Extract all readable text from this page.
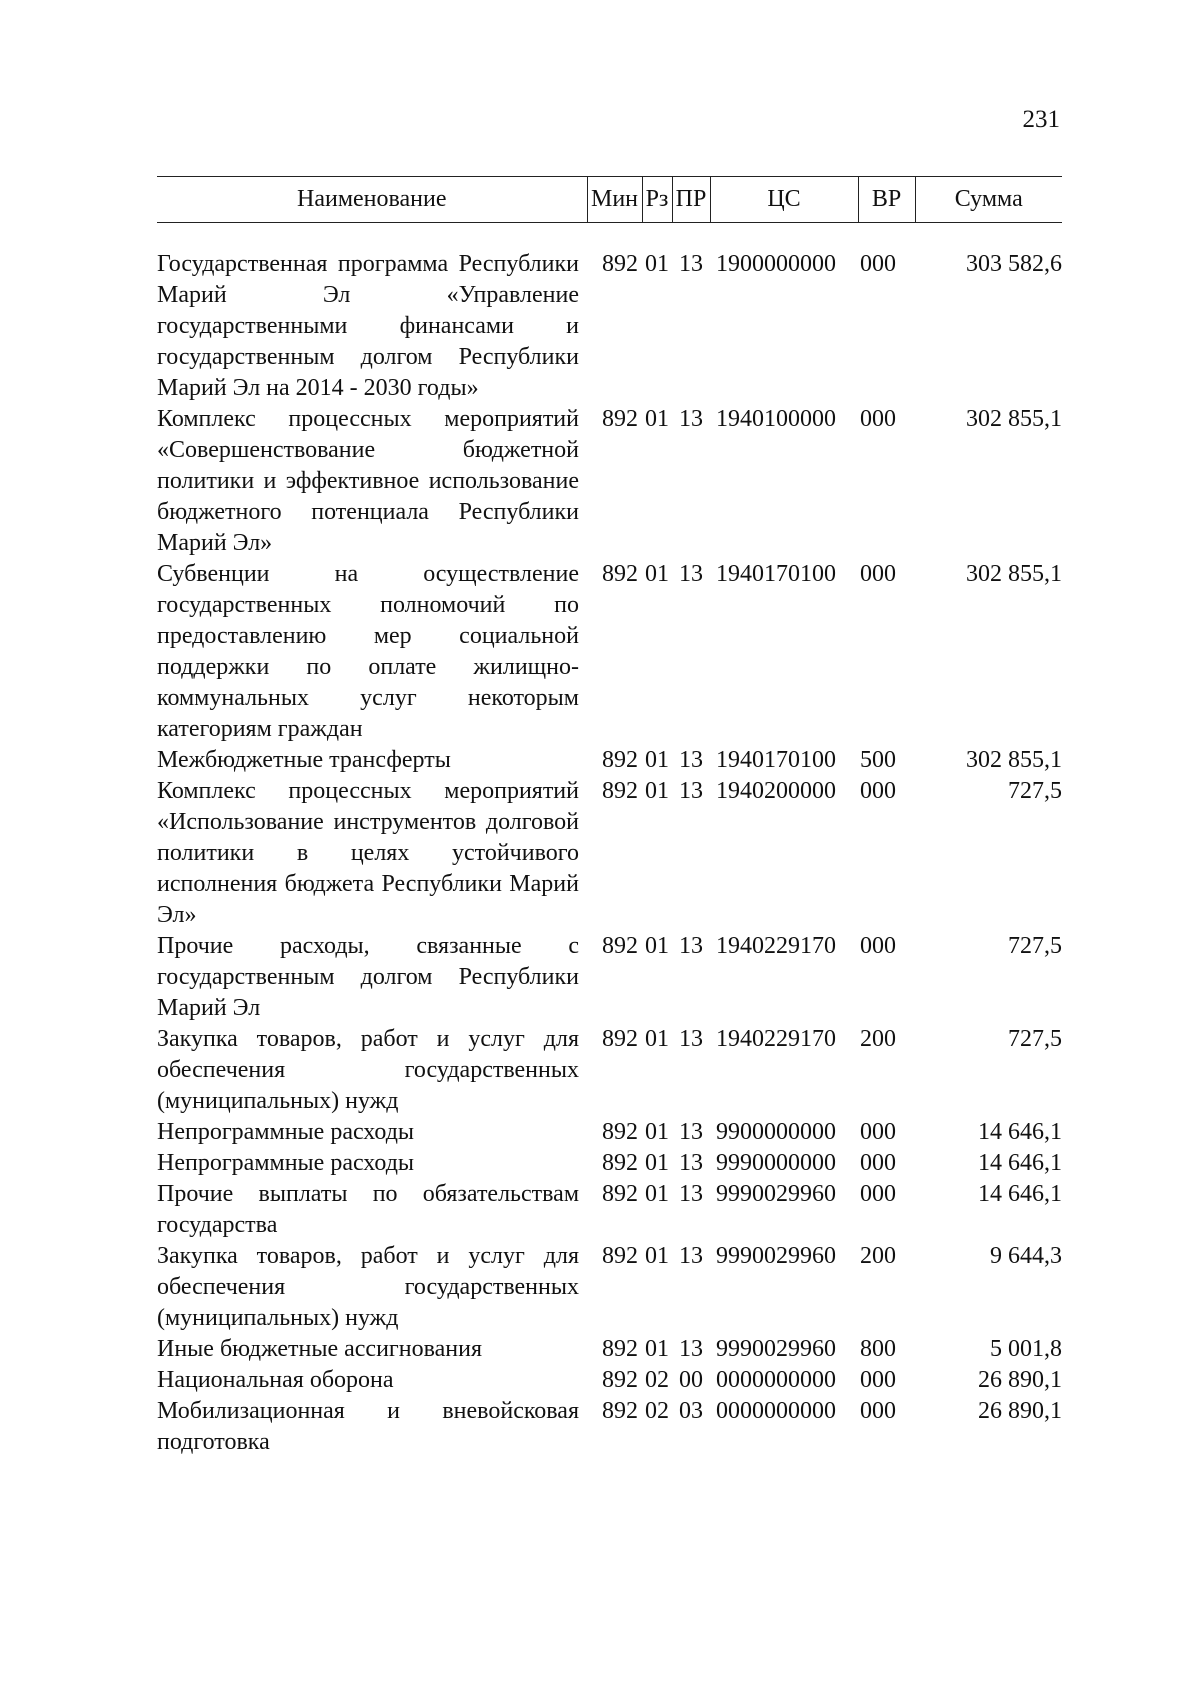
231
Наименование	Мин	Рз	ПР	ЦС	ВР	Сумма

Государственная программа Республики Марий Эл «Управление государственными финансами и государственным долгом Республики Марий Эл на 2014 - 2030 годы»	892	01	13	1900000000	000	303 582,6
Комплекс процессных мероприятий «Совершенствование бюджетной политики и эффективное использование бюджетного потенциала Республики Марий Эл»	892	01	13	1940100000	000	302 855,1
Субвенции на осуществление государственных полномочий по предоставлению мер социальной поддержки по оплате жилищно-коммунальных услуг некоторым категориям граждан	892	01	13	1940170100	000	302 855,1
Межбюджетные трансферты	892	01	13	1940170100	500	302 855,1
Комплекс процессных мероприятий «Использование инструментов долговой политики в целях устойчивого исполнения бюджета Республики Марий Эл»	892	01	13	1940200000	000	727,5
Прочие расходы, связанные с государственным долгом Республики Марий Эл	892	01	13	1940229170	000	727,5
Закупка товаров, работ и услуг для обеспечения государственных (муниципальных) нужд	892	01	13	1940229170	200	727,5
Непрограммные расходы	892	01	13	9900000000	000	14 646,1
Непрограммные расходы	892	01	13	9990000000	000	14 646,1
Прочие выплаты по обязательствам государства	892	01	13	9990029960	000	14 646,1
Закупка товаров, работ и услуг для обеспечения государственных (муниципальных) нужд	892	01	13	9990029960	200	9 644,3
Иные бюджетные ассигнования	892	01	13	9990029960	800	5 001,8
Национальная оборона	892	02	00	0000000000	000	26 890,1
Мобилизационная и вневойсковая подготовка	892	02	03	0000000000	000	26 890,1
